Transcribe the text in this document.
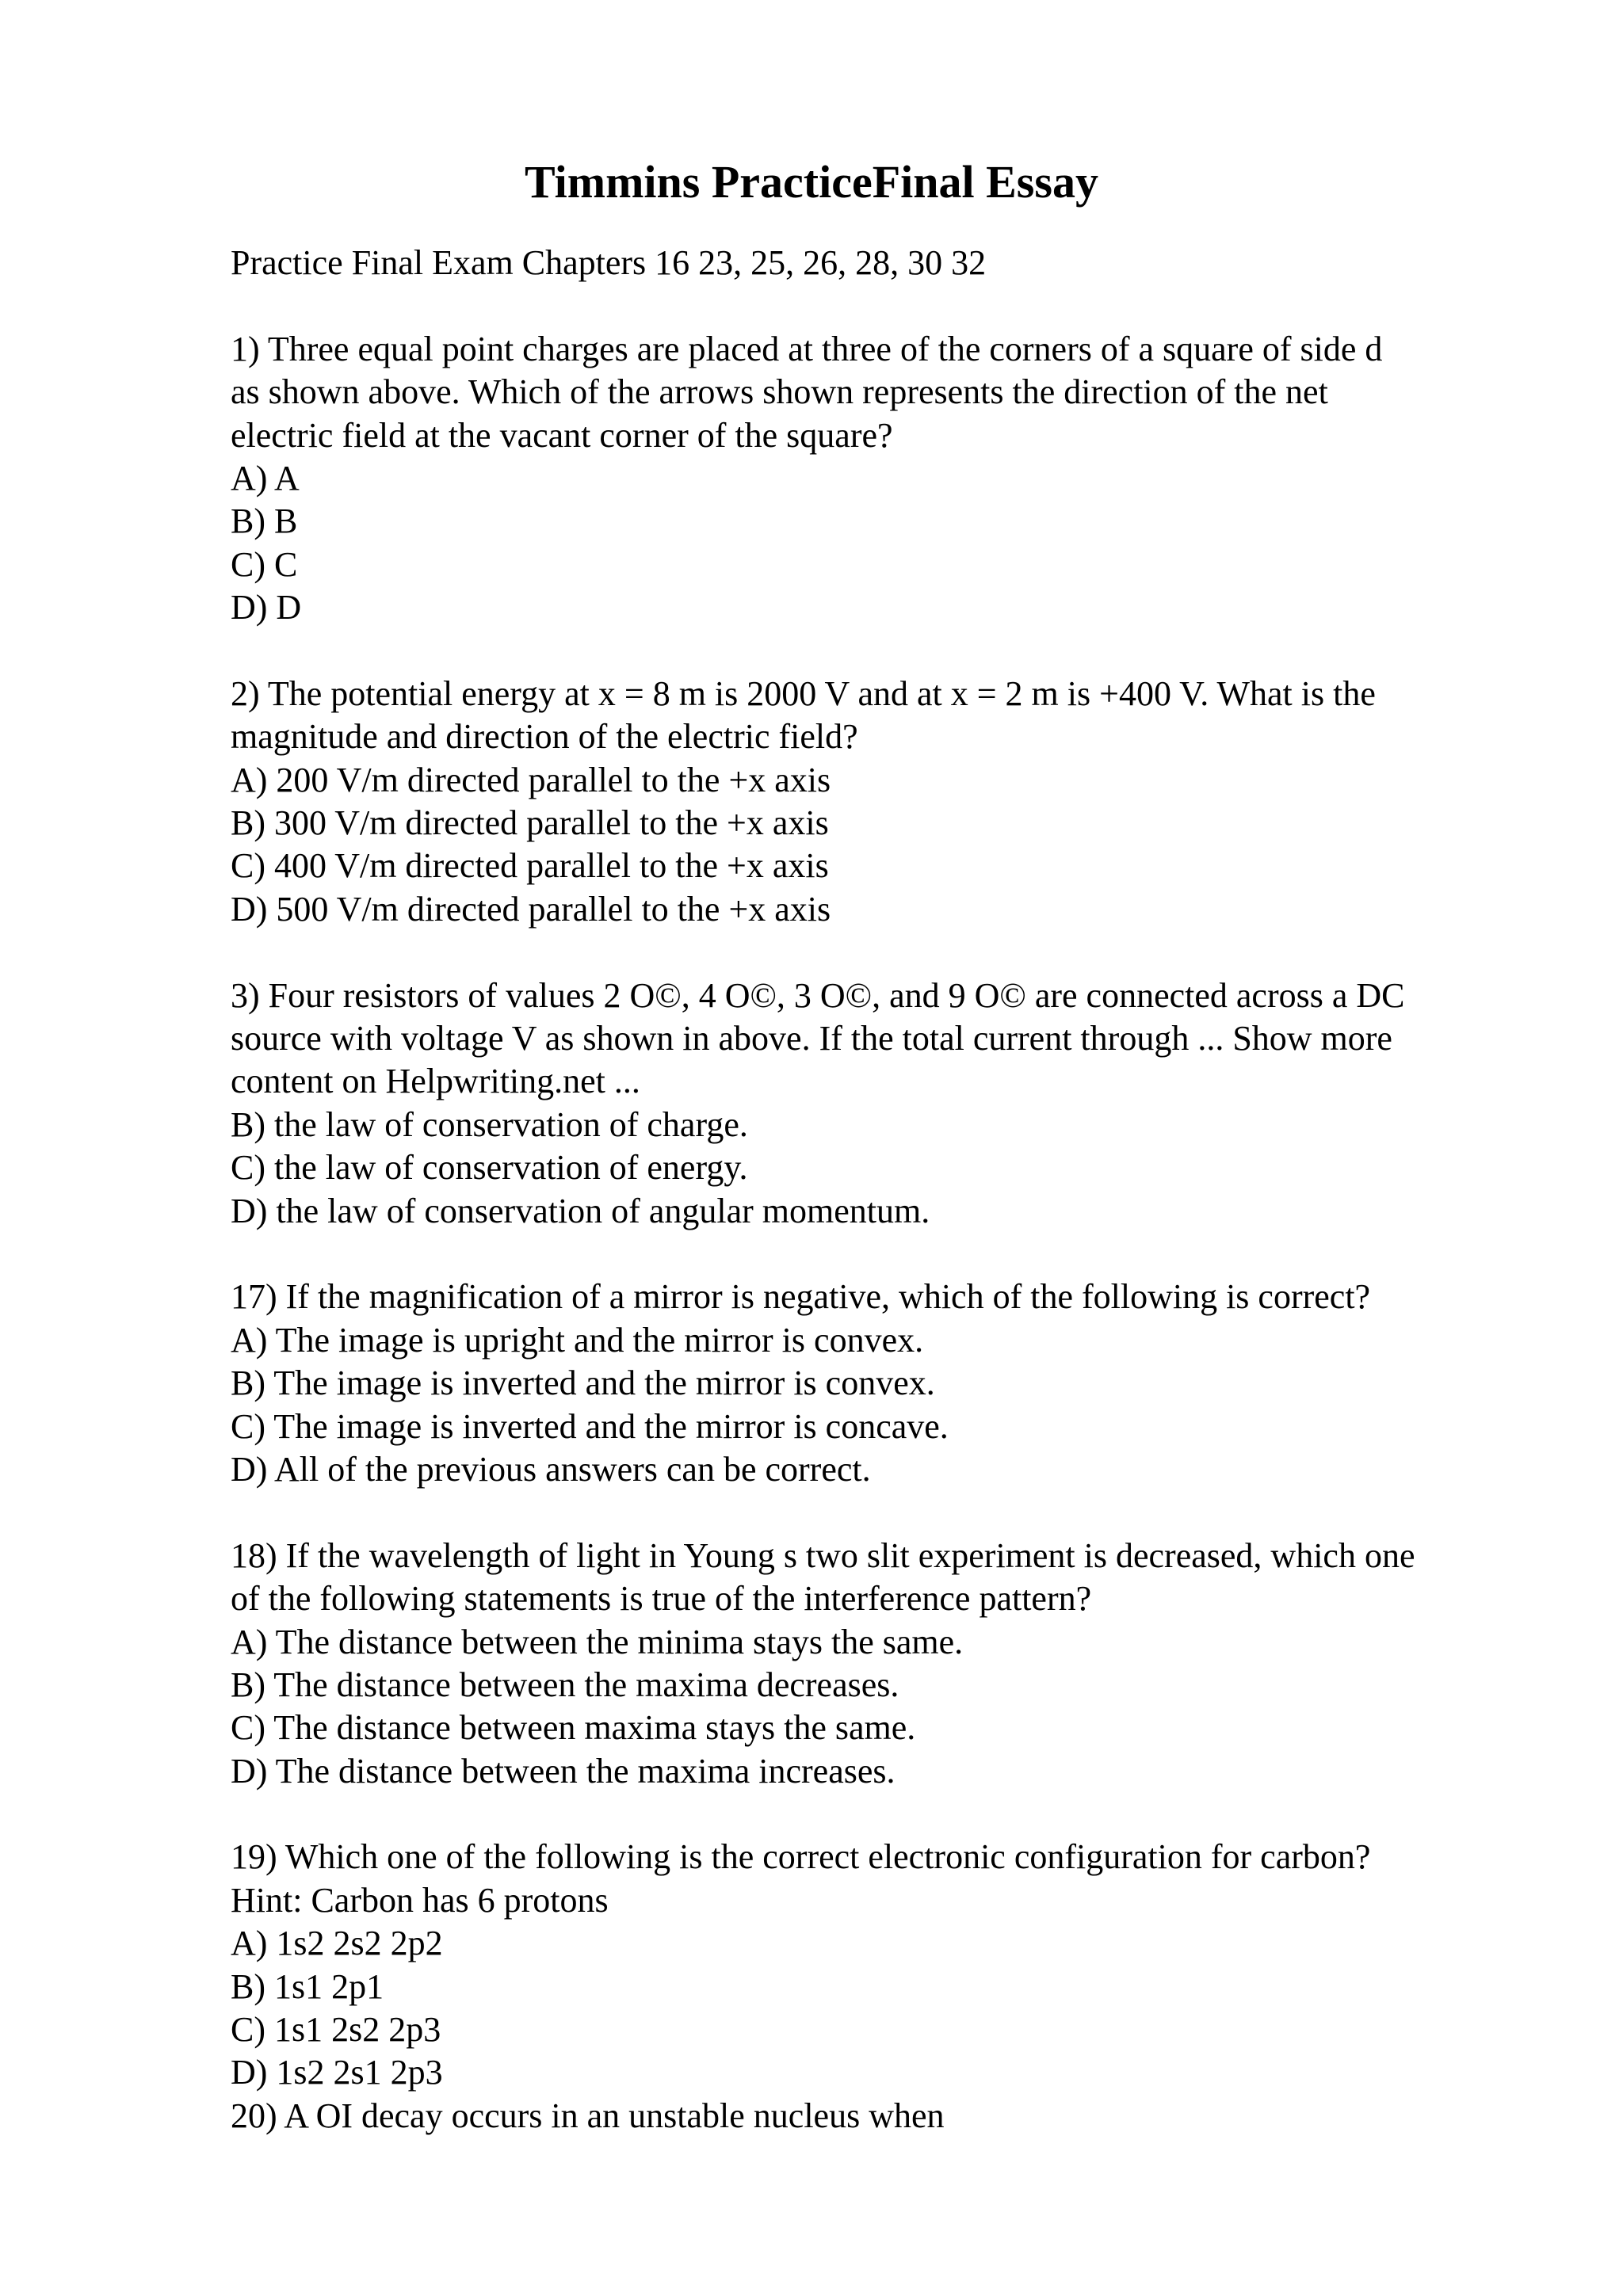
Timmins PracticeFinal Essay
Practice Final Exam Chapters 16 23, 25, 26, 28, 30 32
1) Three equal point charges are placed at three of the corners of a square of side d
as shown above. Which of the arrows shown represents the direction of the net
electric field at the vacant corner of the square?
A) A
B) B
C) C
D) D
2) The potential energy at x = 8 m is 2000 V and at x = 2 m is +400 V. What is the
magnitude and direction of the electric field?
A) 200 V/m directed parallel to the +x axis
B) 300 V/m directed parallel to the +x axis
C) 400 V/m directed parallel to the +x axis
D) 500 V/m directed parallel to the +x axis
3) Four resistors of values 2 O©, 4 O©, 3 O©, and 9 O© are connected across a DC
source with voltage V as shown in above. If the total current through ... Show more
content on Helpwriting.net ...
B) the law of conservation of charge.
C) the law of conservation of energy.
D) the law of conservation of angular momentum.
17) If the magnification of a mirror is negative, which of the following is correct?
A) The image is upright and the mirror is convex.
B) The image is inverted and the mirror is convex.
C) The image is inverted and the mirror is concave.
D) All of the previous answers can be correct.
18) If the wavelength of light in Young s two slit experiment is decreased, which one
of the following statements is true of the interference pattern?
A) The distance between the minima stays the same.
B) The distance between the maxima decreases.
C) The distance between maxima stays the same.
D) The distance between the maxima increases.
19) Which one of the following is the correct electronic configuration for carbon?
Hint: Carbon has 6 protons
A) 1s2 2s2 2p2
B) 1s1 2p1
C) 1s1 2s2 2p3
D) 1s2 2s1 2p3
20) A OI decay occurs in an unstable nucleus when
